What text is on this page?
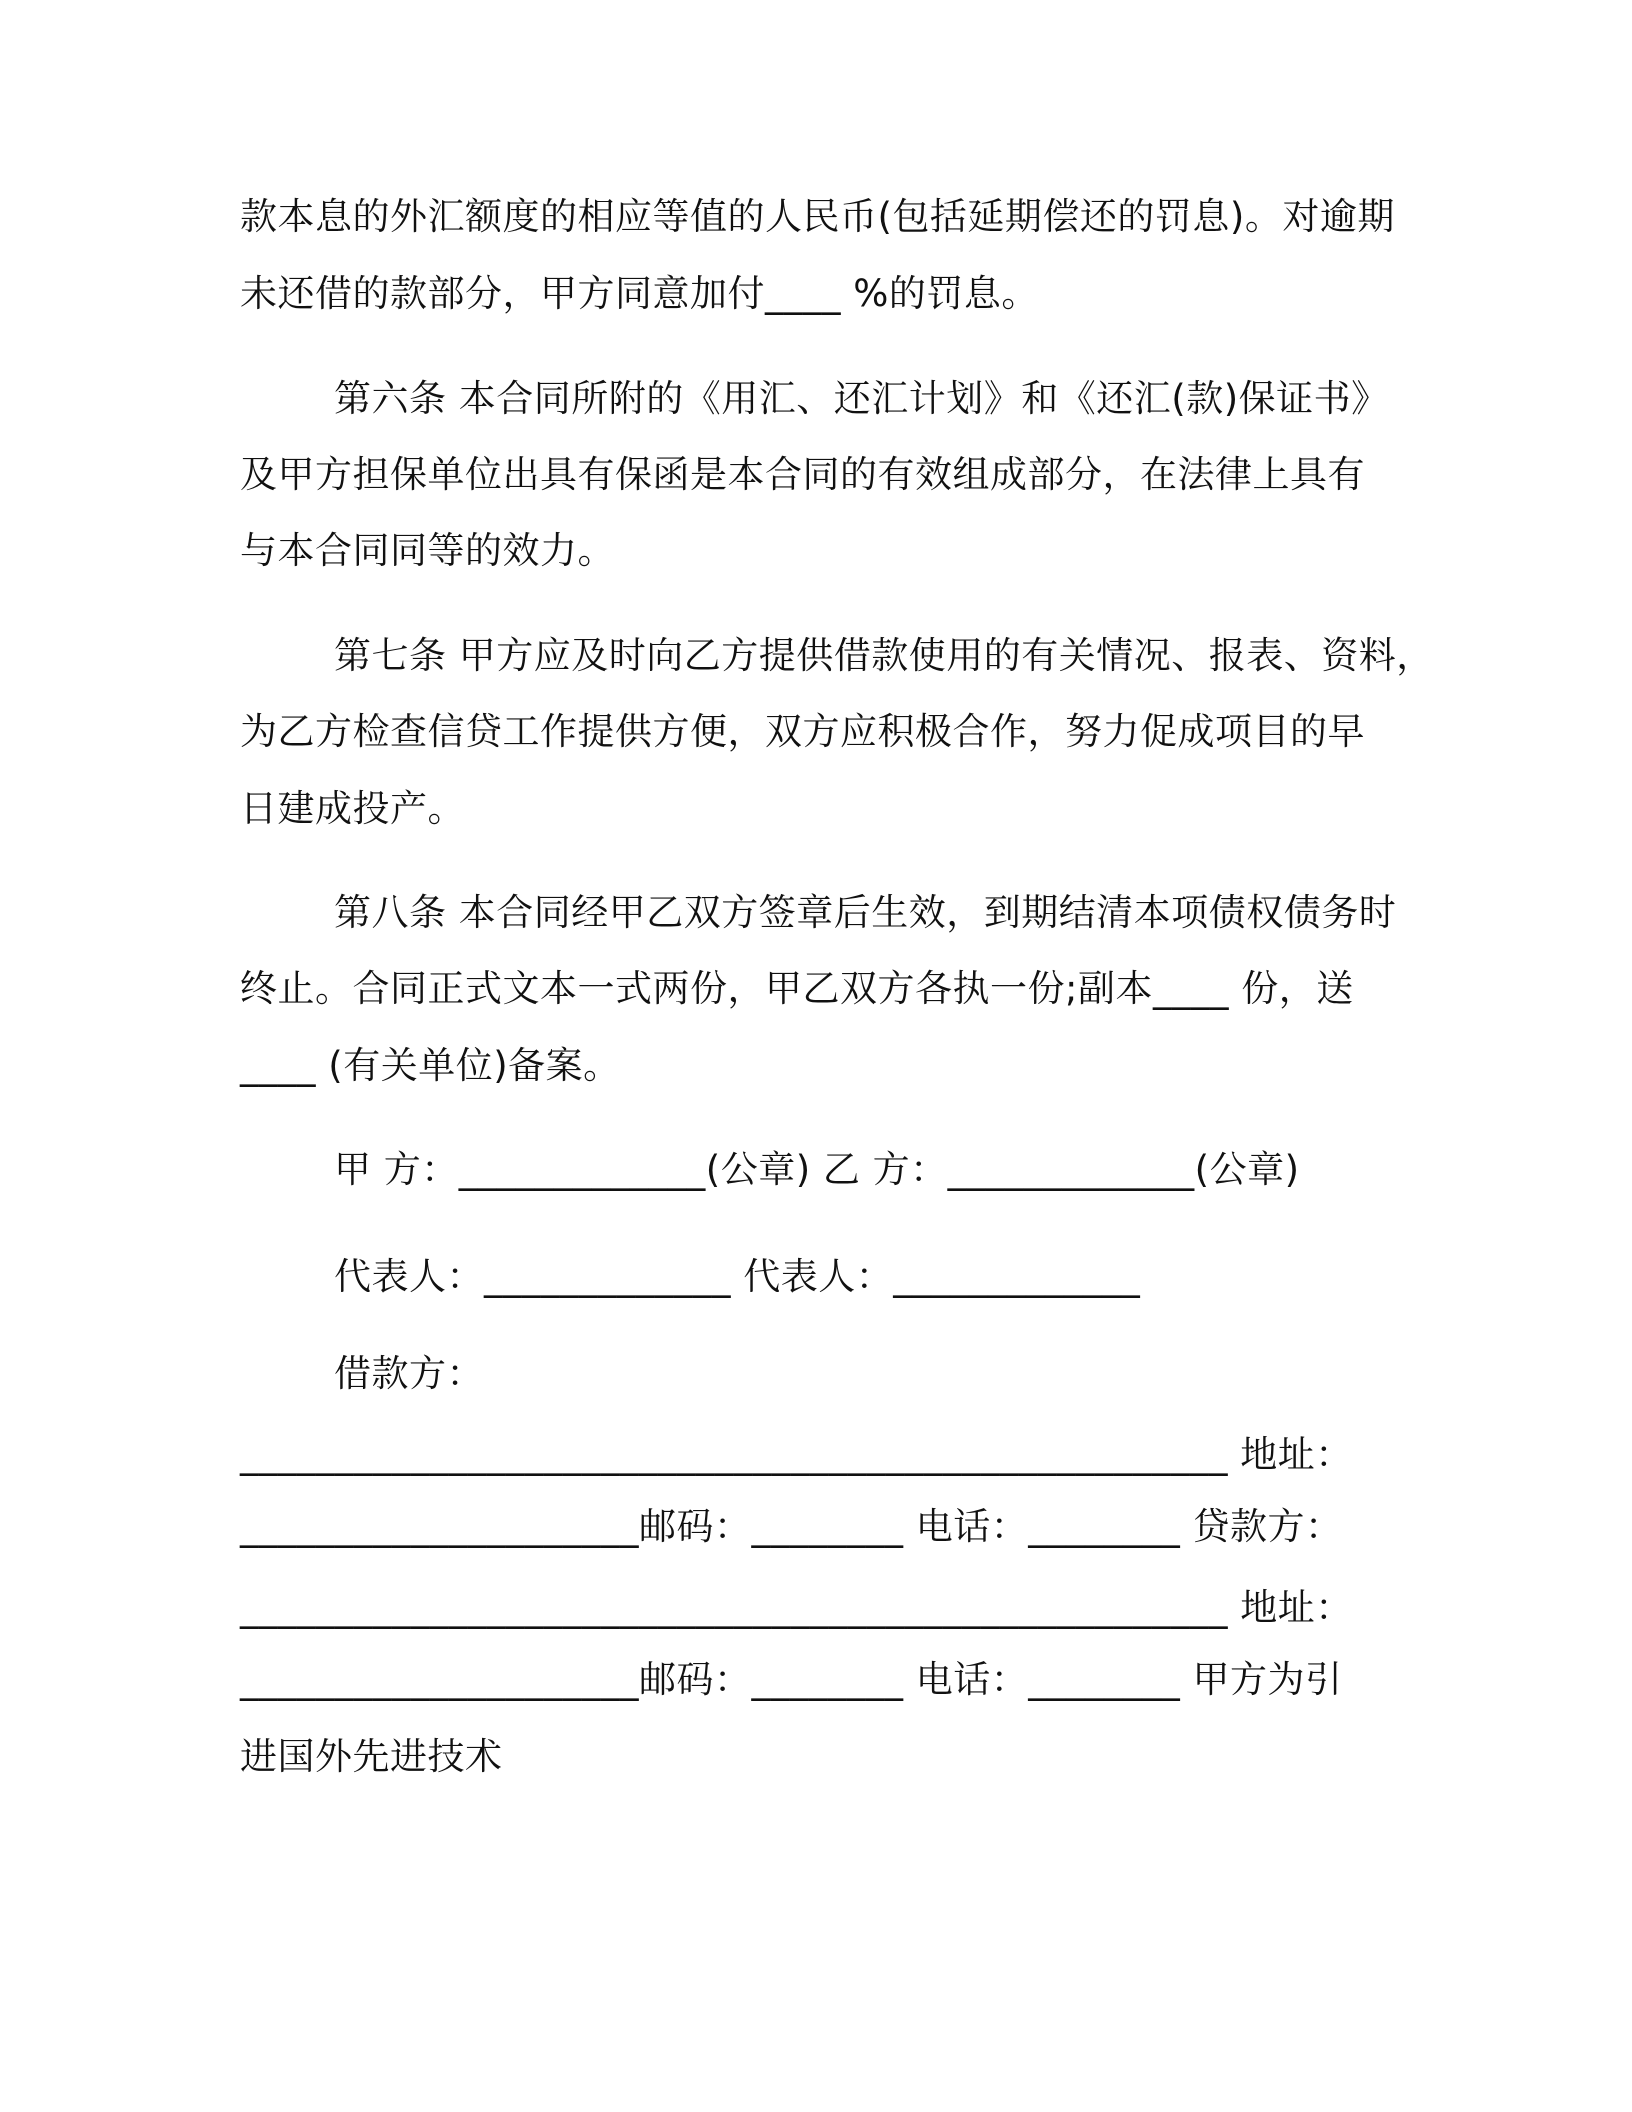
款本息的外汇额度的相应等值的人民币(包括延期偿还的罚息)。对逾期
未还借的款部分，甲方同意加付____ %的罚息。
第六条 本合同所附的《用汇、还汇计划》和《还汇(款)保证书》
及甲方担保单位出具有保函是本合同的有效组成部分，在法律上具有
与本合同同等的效力。
第七条 甲方应及时向乙方提供借款使用的有关情况、报表、资料，
为乙方检查信贷工作提供方便，双方应积极合作，努力促成项目的早
日建成投产。
第八条 本合同经甲乙双方签章后生效，到期结清本项债权债务时
终止。合同正式文本一式两份，甲乙双方各执一份;副本____ 份，送
____ (有关单位)备案。
甲 方：_____________(公章) 乙 方：_____________(公章)
代表人：_____________ 代表人：_____________
借款方：
____________________________________________________ 地址：
_____________________邮码：________ 电话：________ 贷款方：
____________________________________________________ 地址：
_____________________邮码：________ 电话：________ 甲方为引
进国外先进技术
